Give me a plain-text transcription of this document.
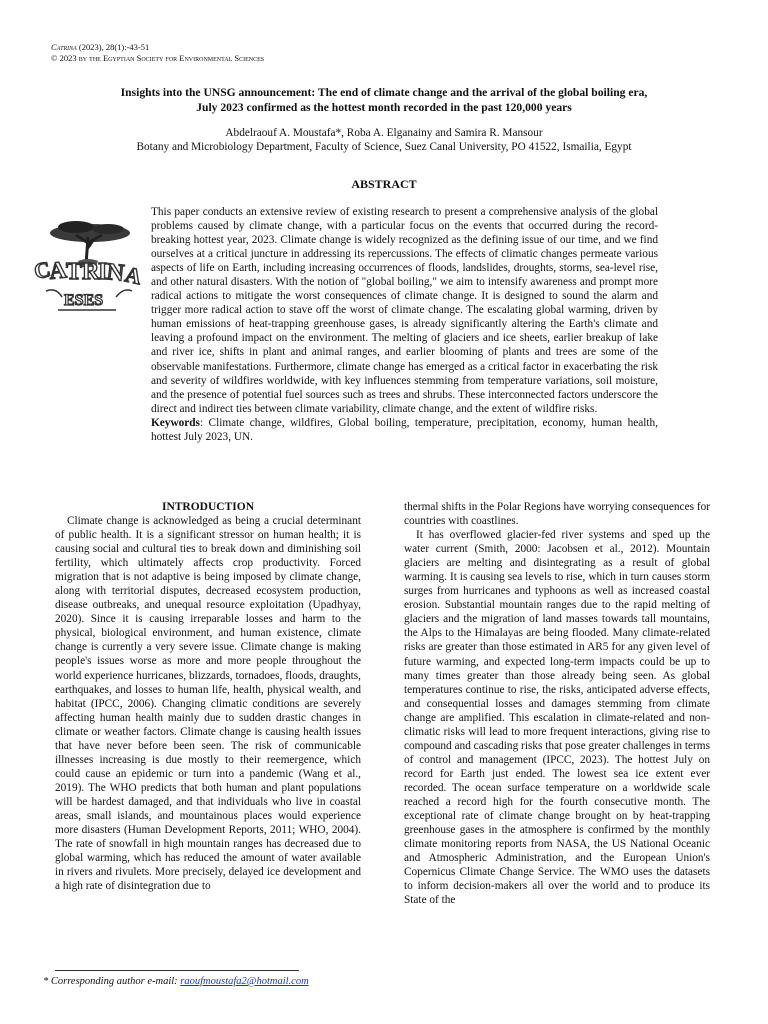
Catrina (2023), 28(1):-43-51
© 2023 by the Egyptian Society for Environmental Sciences
Insights into the UNSG announcement: The end of climate change and the arrival of the global boiling era,
July 2023 confirmed as the hottest month recorded in the past 120,000 years
Abdelraouf A. Moustafa*, Roba A. Elganainy and Samira R. Mansour
Botany and Microbiology Department, Faculty of Science, Suez Canal University, PO 41522, Ismailia, Egypt
ABSTRACT
C
A
T R
I
N
A
ESES

This paper conducts an extensive review of existing research to present a comprehensive analysis of the global problems caused by climate change, with a particular focus on the events that occurred during the record-breaking hottest year, 2023. Climate change is widely recognized as the defining issue of our time, and we find ourselves at a critical juncture in addressing its repercussions. The effects of climatic changes permeate various aspects of life on Earth, including increasing occurrences of floods, landslides, droughts, storms, sea-level rise, and other natural disasters. With the notion of "global boiling," we aim to intensify awareness and prompt more radical actions to mitigate the worst consequences of climate change. It is designed to sound the alarm and trigger more radical action to stave off the worst of climate change. The escalating global warming, driven by human emissions of heat-trapping greenhouse gases, is already significantly altering the Earth's climate and leaving a profound impact on the environment. The melting of glaciers and ice sheets, earlier breakup of lake and river ice, shifts in plant and animal ranges, and earlier blooming of plants and trees are some of the observable manifestations. Furthermore, climate change has emerged as a critical factor in exacerbating the risk and severity of wildfires worldwide, with key influences stemming from temperature variations, soil moisture, and the presence of potential fuel sources such as trees and shrubs. These interconnected factors underscore the direct and indirect ties between climate variability, climate change, and the extent of wildfire risks.

Keywords: Climate change, wildfires, Global boiling, temperature, precipitation, economy, human health, hottest July 2023, UN.

INTRODUCTION

Climate change is acknowledged as being a crucial determinant of public health. It is a significant stressor on human health; it is causing social and cultural ties to break down and diminishing soil fertility, which ultimately affects crop productivity. Forced migration that is not adaptive is being imposed by climate change, along with territorial disputes, decreased ecosystem production, disease outbreaks, and unequal resource exploitation (Upadhyay, 2020). Since it is causing irreparable losses and harm to the physical, biological environment, and human existence, climate change is currently a very severe issue. Climate change is making people's issues worse as more and more people throughout the world experience hurricanes, blizzards, tornadoes, floods, draughts, earthquakes, and losses to human life, health, physical wealth, and habitat (IPCC, 2006). Changing climatic conditions are severely affecting human health mainly due to sudden drastic changes in climate or weather factors. Climate change is causing health issues that have never before been seen. The risk of communicable illnesses increasing is due mostly to their reemergence, which could cause an epidemic or turn into a pandemic (Wang et al., 2019). The WHO predicts that both human and plant populations will be hardest damaged, and that individuals who live in coastal areas, small islands, and mountainous places would experience more disasters (Human Development Reports, 2011; WHO, 2004). The rate of snowfall in high mountain ranges has decreased due to global warming, which has reduced the amount of water available in rivers and rivulets. More precisely, delayed ice development and a high rate of disintegration due to

thermal shifts in the Polar Regions have worrying consequences for countries with coastlines.

It has overflowed glacier-fed river systems and sped up the water current (Smith, 2000: Jacobsen et al., 2012). Mountain glaciers are melting and disintegrating as a result of global warming. It is causing sea levels to rise, which in turn causes storm surges from hurricanes and typhoons as well as increased coastal erosion. Substantial mountain ranges due to the rapid melting of glaciers and the migration of land masses towards tall mountains, the Alps to the Himalayas are being flooded. Many climate-related risks are greater than those estimated in AR5 for any given level of future warming, and expected long-term impacts could be up to many times greater than those already being seen. As global temperatures continue to rise, the risks, anticipated adverse effects, and consequential losses and damages stemming from climate change are amplified. This escalation in climate-related and non-climatic risks will lead to more frequent interactions, giving rise to compound and cascading risks that pose greater challenges in terms of control and management (IPCC, 2023). The hottest July on record for Earth just ended. The lowest sea ice extent ever recorded. The ocean surface temperature on a worldwide scale reached a record high for the fourth consecutive month. The exceptional rate of climate change brought on by heat-trapping greenhouse gases in the atmosphere is confirmed by the monthly climate monitoring reports from NASA, the US National Oceanic and Atmospheric Administration, and the European Union's Copernicus Climate Change Service. The WMO uses the datasets to inform decision-makers all over the world and to produce its State of the

* Corresponding author e-mail: raoufmoustafa2@hotmail.com
